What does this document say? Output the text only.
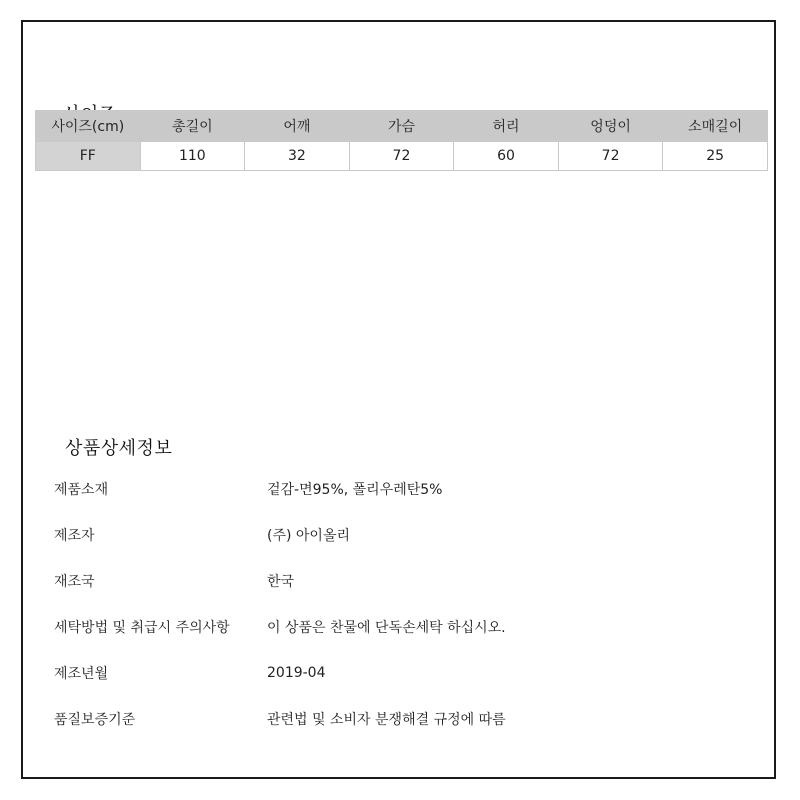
사이즈(cm)	총길이	어깨	가슴	허리	엉덩이	소매길이
FF	110	32	72	60	72	25
상품상세정보
제품소재	겉감-면95%, 폴리우레탄5%
제조자	(주) 아이올리
재조국	한국
세탁방법 및 취급시 주의사항	이 상품은 찬물에 단독손세탁 하십시오.
제조년월	2019-04
품질보증기준	관련법 및 소비자 분쟁해결 규정에 따름
